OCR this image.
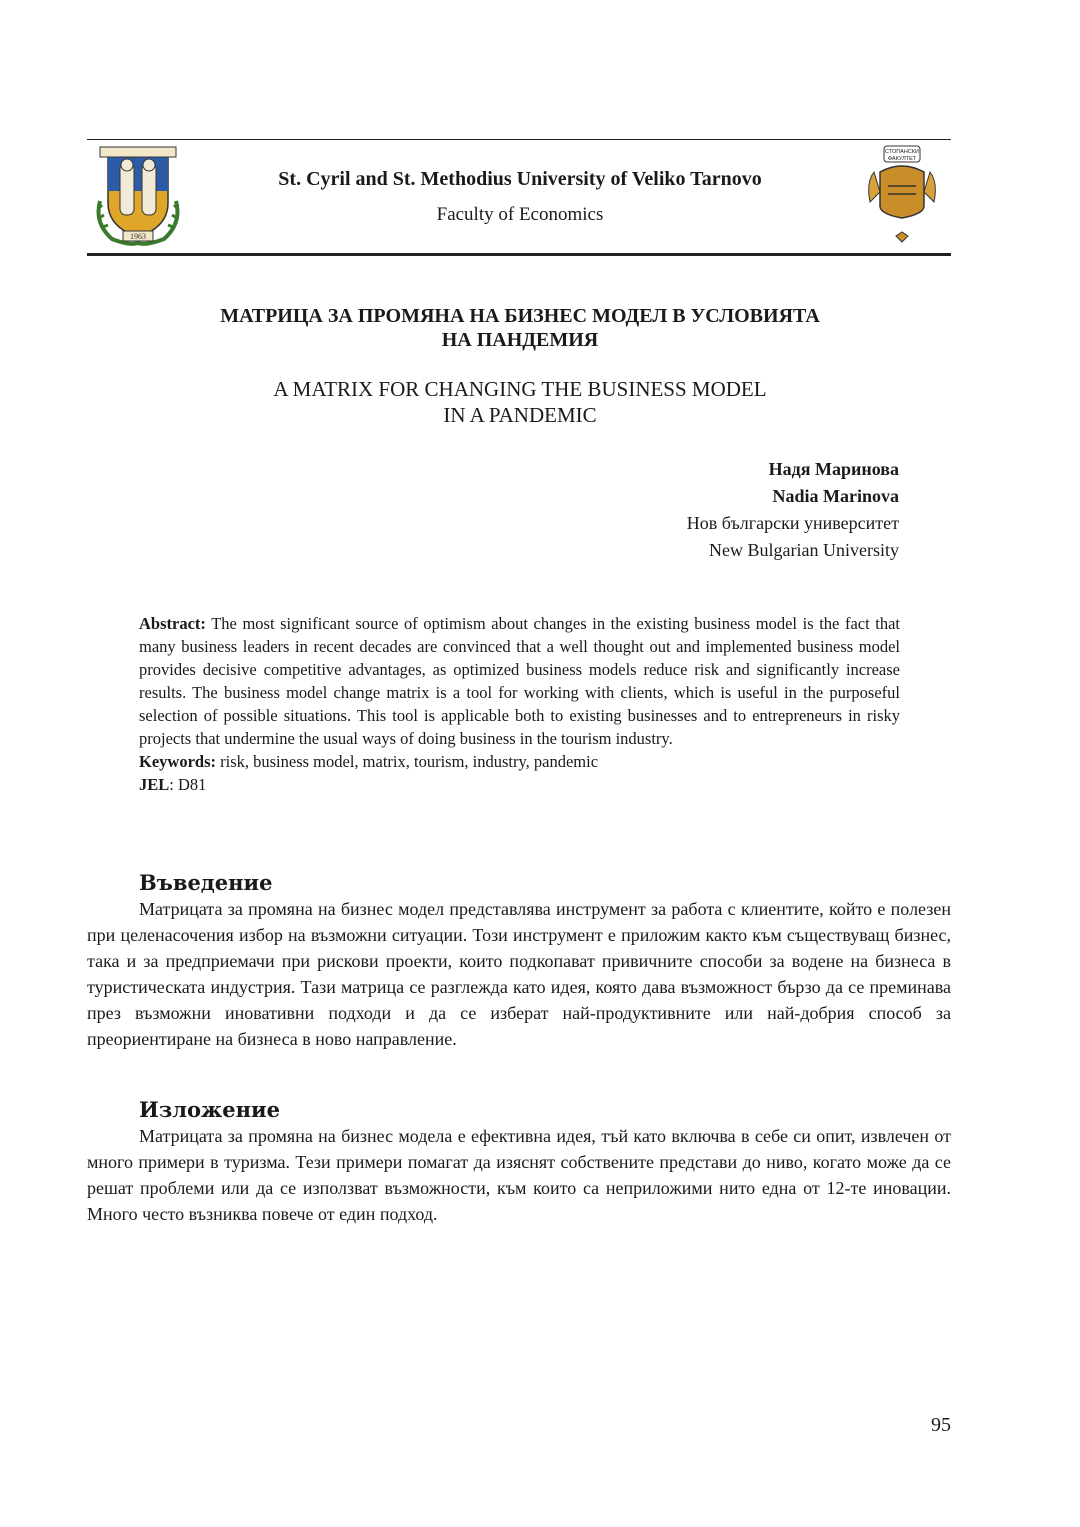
1963
St. Cyril and St. Methodius University of Veliko Tarnovo
Faculty of Economics
СТОПАНСКИ
ФАКУЛТЕТ
МАТРИЦА ЗА ПРОМЯНА НА БИЗНЕС МОДЕЛ В УСЛОВИЯТА
НА ПАНДЕМИЯ
A MATRIX FOR CHANGING THE BUSINESS MODEL
IN A PANDEMIC
Надя Маринова
Nadia Marinova
Нов български университет
New Bulgarian University
Abstract: The most significant source of optimism about changes in the existing business model is the fact that many business leaders in recent decades are convinced that a well thought out and implemented business model provides decisive competitive advantages, as optimized business models reduce risk and significantly increase results. The business model change matrix is a tool for working with clients, which is useful in the purposeful selection of possible situations. This tool is applicable both to existing businesses and to entrepreneurs in risky projects that undermine the usual ways of doing business in the tourism industry.
Keywords: risk, business model, matrix, tourism, industry, pandemic
JEL: D81
Въведение

Матрицата за промяна на бизнес модел представлява инструмент за работа с клиентите, който е полезен при целенасочения избор на възможни ситуации. Този инструмент е приложим както към съществуващ бизнес, така и за предприемачи при рискови проекти, които подкопават привичните способи за водене на бизнеса в туристическата индустрия. Тази матрица се разглежда като идея, която дава възможност бързо да се преминава през възможни иновативни подходи и да се изберат най-продуктивните или най-добрия способ за преориентиране на бизнеса в ново направление.

Изложение

Матрицата за промяна на бизнес модела е ефективна идея, тъй като включва в себе си опит, извлечен от много примери в туризма. Тези примери помагат да изяснят собствените представи до ниво, когато може да се решат проблеми или да се използват възможности, към които са неприложими нито една от 12-те иновации. Много често възниква повече от един подход.

95
